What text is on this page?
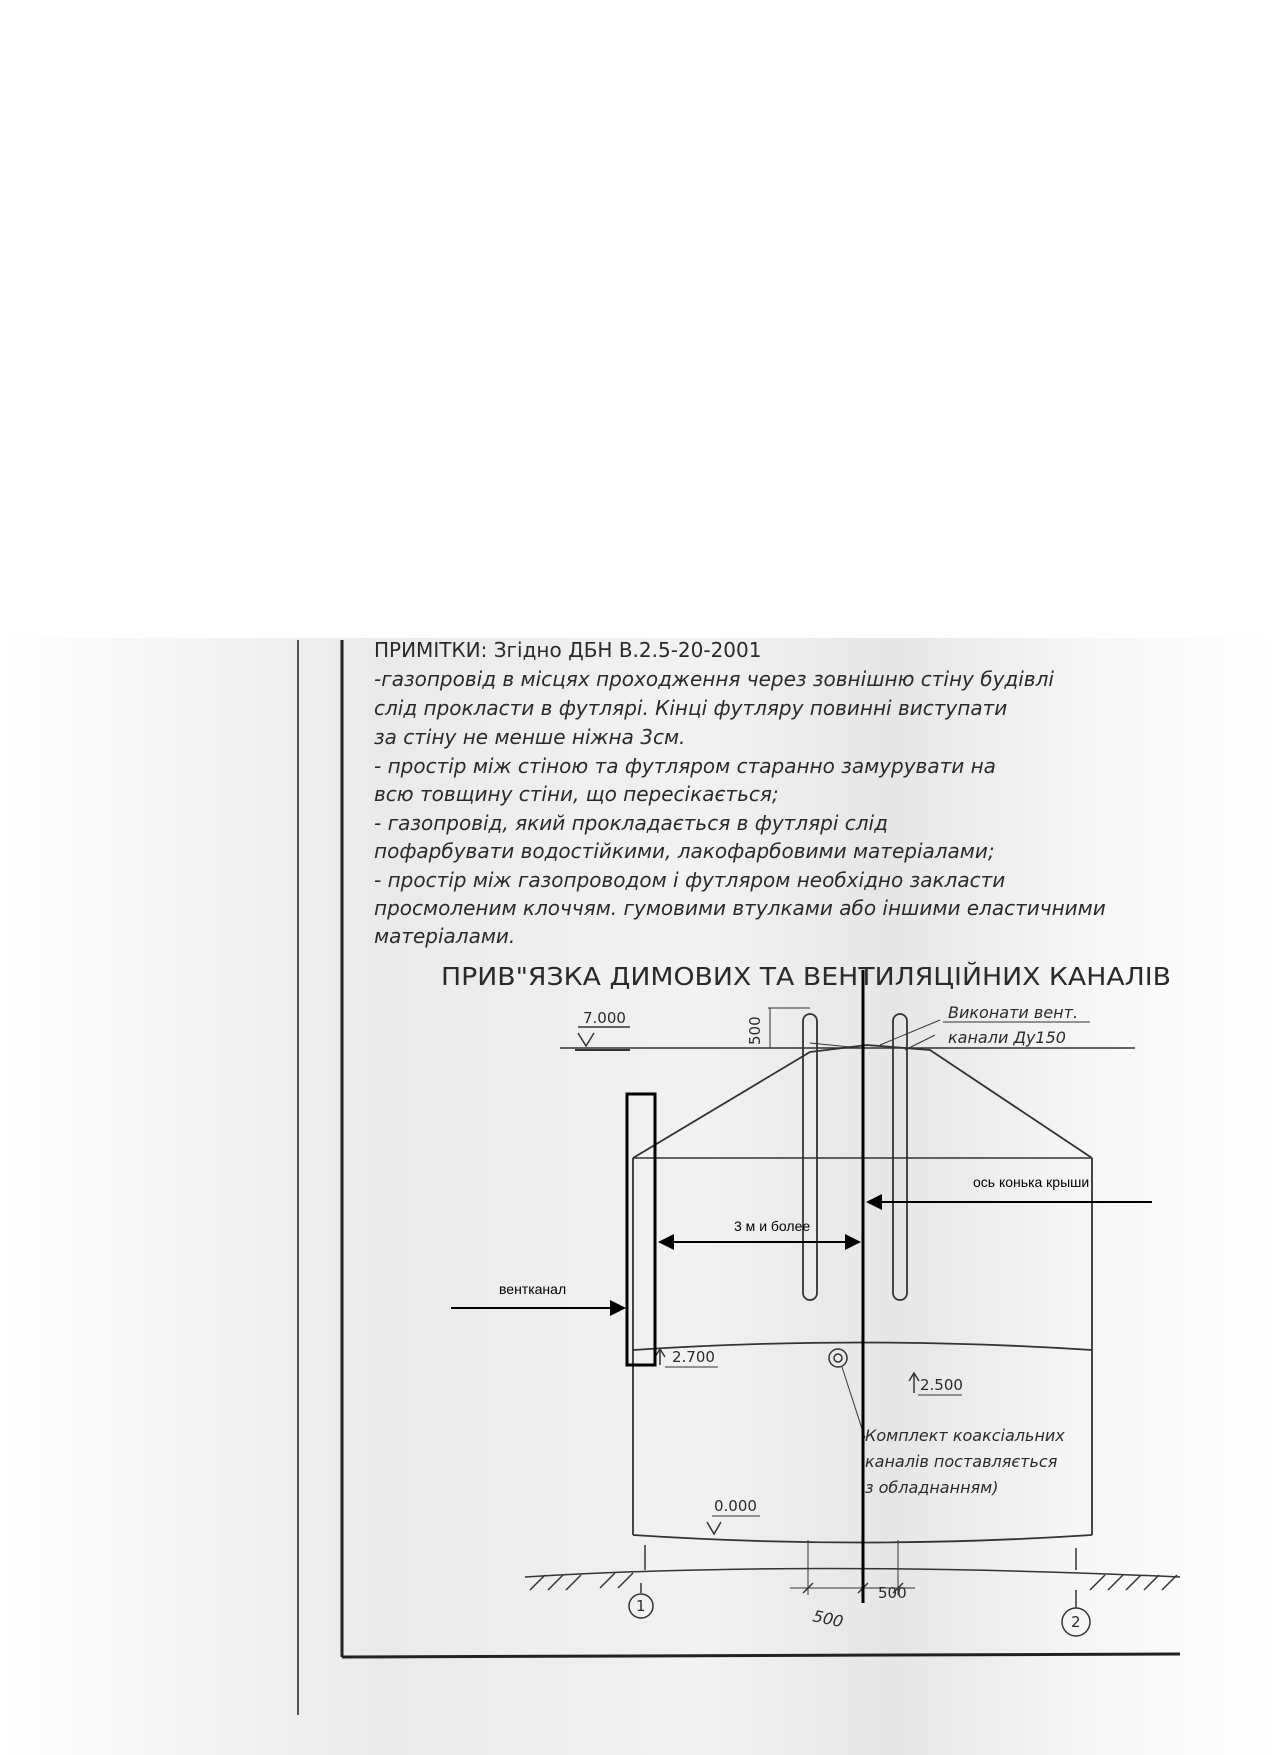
ПРИМІТКИ: Згідно ДБН В.2.5-20-2001
-газопровід в місцях проходження через зовнішню стіну будівлі
слід прокласти в футлярі. Кінці футляру повинні виступати
за стіну не менше ніжна 3см.
- простір між стіною та футляром старанно замурувати на
всю товщину стіни, що пересікається;
- газопровід, який прокладається в футлярі слід
пофарбувати водостійкими, лакофарбовими матеріалами;
- простір між газопроводом і футляром необхідно закласти
просмоленим клоччям. гумовими втулками або іншими еластичними
матеріалами.
ПРИВ"ЯЗКА ДИМОВИХ ТА ВЕНТИЛЯЦІЙНИХ КАНАЛІВ
7.000	500
Виконати вент.
канали Ду150
2.700
2.500
0.000
Комплект коаксіальних
каналів поставляється
з обладнанням)
500
500
1
2
ось конька крыши
3 м и более
вентканал
